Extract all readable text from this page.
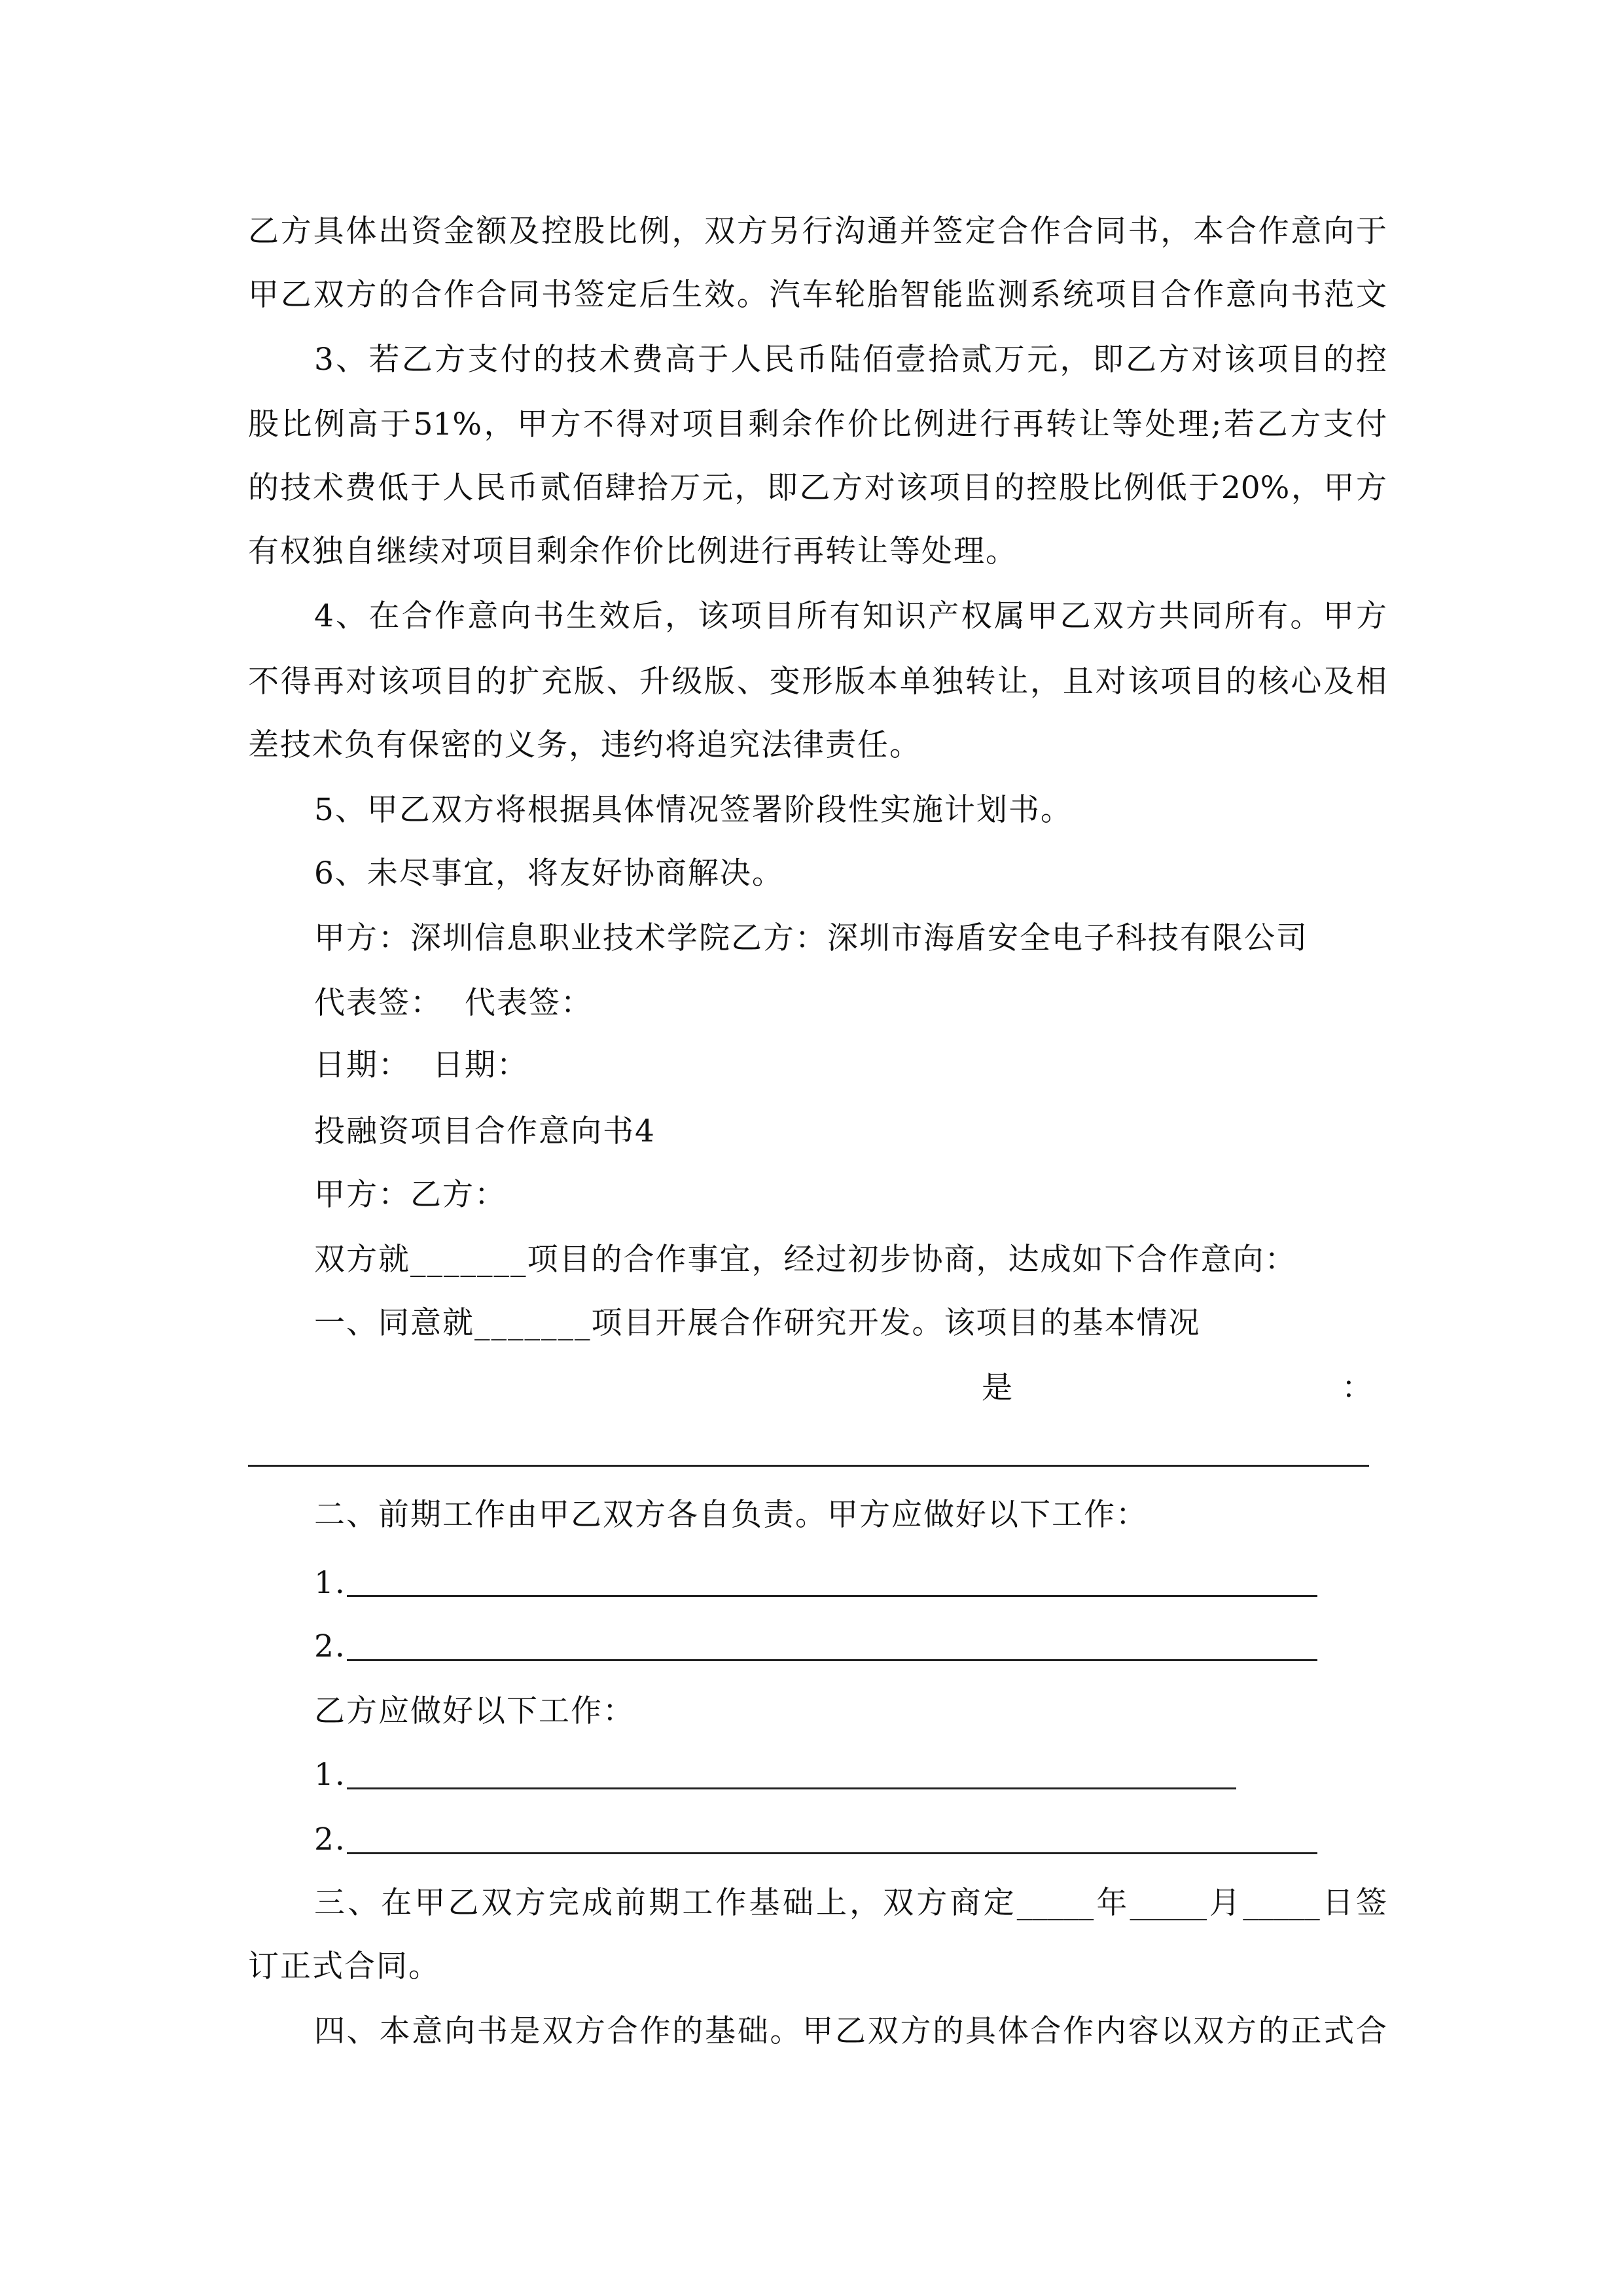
乙方具体出资金额及控股比例，双方另行沟通并签定合作合同书，本合作意向于
甲乙双方的合作合同书签定后生效。汽车轮胎智能监测系统项目合作意向书范文
3、若乙方支付的技术费高于人民币陆佰壹拾贰万元，即乙方对该项目的控
股比例高于51%，甲方不得对项目剩余作价比例进行再转让等处理;若乙方支付
的技术费低于人民币贰佰肆拾万元，即乙方对该项目的控股比例低于20%，甲方
有权独自继续对项目剩余作价比例进行再转让等处理。
4、在合作意向书生效后，该项目所有知识产权属甲乙双方共同所有。甲方
不得再对该项目的扩充版、升级版、变形版本单独转让，且对该项目的核心及相
差技术负有保密的义务，违约将追究法律责任。
5、甲乙双方将根据具体情况签署阶段性实施计划书。
6、未尽事宜，将友好协商解决。
甲方：深圳信息职业技术学院乙方：深圳市海盾安全电子科技有限公司
代表签：  代表签：
日期：  日期：
投融资项目合作意向书4
甲方：乙方：
双方就_______项目的合作事宜，经过初步协商，达成如下合作意向：
一、同意就_______项目开展合作研究开发。该项目的基本情况
是	：
二、前期工作由甲乙双方各自负责。甲方应做好以下工作：
1.
2.
乙方应做好以下工作：
1.
2.
三、在甲乙双方完成前期工作基础上，双方商定_____年_____月_____日签
订正式合同。
四、本意向书是双方合作的基础。甲乙双方的具体合作内容以双方的正式合
